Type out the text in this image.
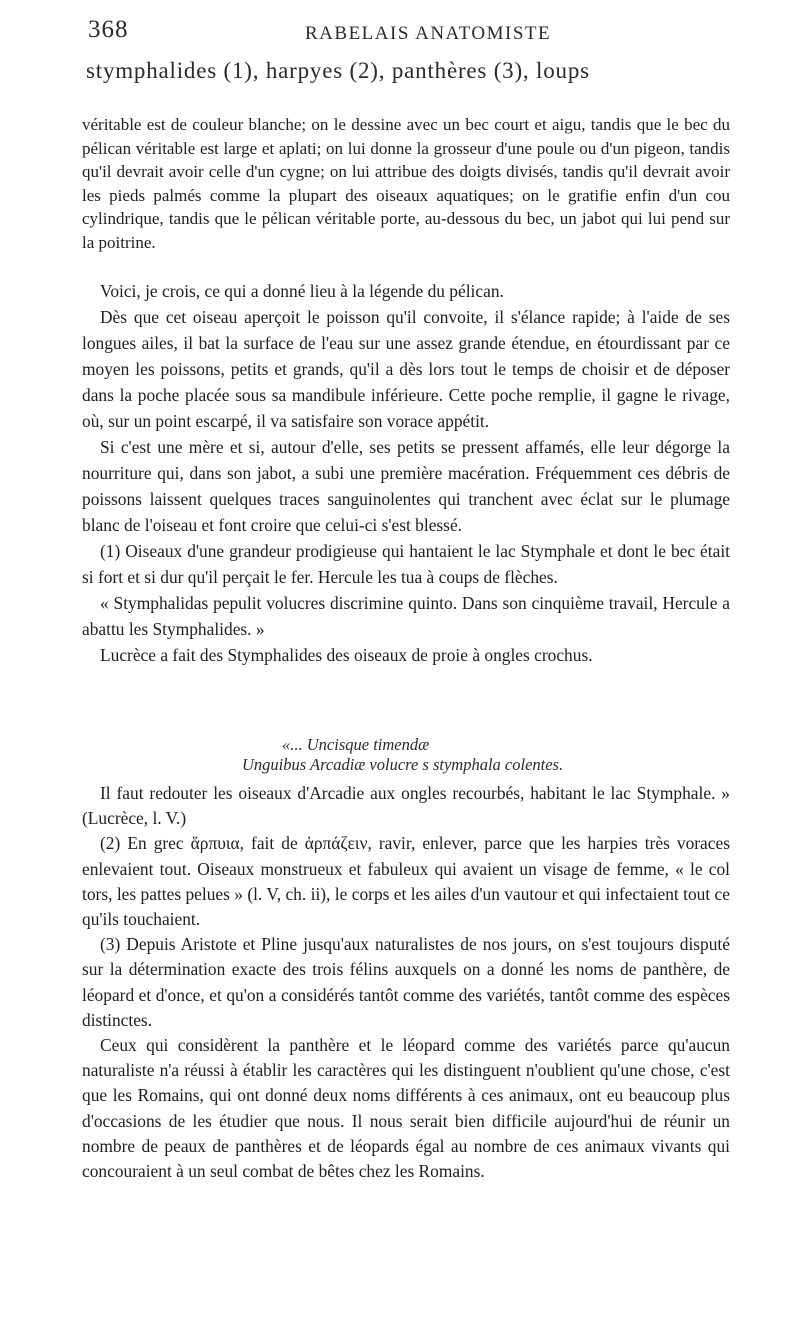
368	RABELAIS ANATOMISTE
stymphalides (1), harpyes (2), panthères (3), loups

véritable est de couleur blanche; on le dessine avec un bec court et aigu, tandis que le bec du pélican véritable est large et aplati; on lui donne la grosseur d'une poule ou d'un pigeon, tandis qu'il devrait avoir celle d'un cygne; on lui attribue des doigts divisés, tandis qu'il devrait avoir les pieds palmés comme la plupart des oiseaux aquatiques; on le gratifie enfin d'un cou cylindrique, tandis que le pélican véritable porte, au-dessous du bec, un jabot qui lui pend sur la poitrine.

Voici, je crois, ce qui a donné lieu à la légende du pélican.

Dès que cet oiseau aperçoit le poisson qu'il convoite, il s'élance rapide; à l'aide de ses longues ailes, il bat la surface de l'eau sur une assez grande étendue, en étourdissant par ce moyen les poissons, petits et grands, qu'il a dès lors tout le temps de choisir et de déposer dans la poche placée sous sa mandibule inférieure. Cette poche remplie, il gagne le rivage, où, sur un point escarpé, il va satisfaire son vorace appétit.

Si c'est une mère et si, autour d'elle, ses petits se pressent affamés, elle leur dégorge la nourriture qui, dans son jabot, a subi une première macération. Fréquemment ces débris de poissons laissent quelques traces sanguinolentes qui tranchent avec éclat sur le plumage blanc de l'oiseau et font croire que celui-ci s'est blessé.

(1) Oiseaux d'une grandeur prodigieuse qui hantaient le lac Stymphale et dont le bec était si fort et si dur qu'il perçait le fer. Hercule les tua à coups de flèches.

« Stymphalidas pepulit volucres discrimine quinto. Dans son cinquième travail, Hercule a abattu les Stymphalides. »

Lucrèce a fait des Stymphalides des oiseaux de proie à ongles crochus.

«... Uncisque timendæ
Unguibus Arcadiæ volucre s stymphala colentes.

Il faut redouter les oiseaux d'Arcadie aux ongles recourbés, habitant le lac Stymphale. » (Lucrèce, l. V.)

(2) En grec ἅρπυια, fait de ἁρπάζειν, ravir, enlever, parce que les harpies très voraces enlevaient tout. Oiseaux monstrueux et fabuleux qui avaient un visage de femme, « le col tors, les pattes pelues » (l. V, ch. ii), le corps et les ailes d'un vautour et qui infectaient tout ce qu'ils touchaient.

(3) Depuis Aristote et Pline jusqu'aux naturalistes de nos jours, on s'est toujours disputé sur la détermination exacte des trois félins auxquels on a donné les noms de panthère, de léopard et d'once, et qu'on a considérés tantôt comme des variétés, tantôt comme des espèces distinctes.

Ceux qui considèrent la panthère et le léopard comme des variétés parce qu'aucun naturaliste n'a réussi à établir les caractères qui les distinguent n'oublient qu'une chose, c'est que les Romains, qui ont donné deux noms différents à ces animaux, ont eu beaucoup plus d'occasions de les étudier que nous. Il nous serait bien difficile aujourd'hui de réunir un nombre de peaux de panthères et de léopards égal au nombre de ces animaux vivants qui concouraient à un seul combat de bêtes chez les Romains.
